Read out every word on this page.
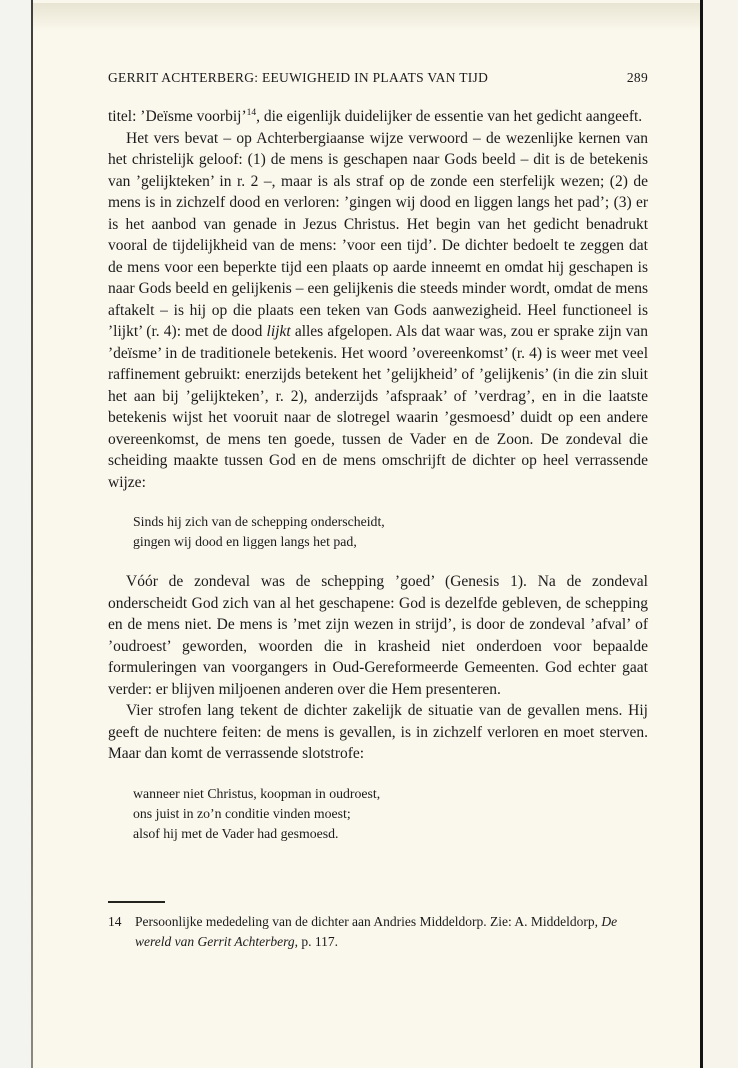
GERRIT ACHTERBERG: EEUWIGHEID IN PLAATS VAN TIJD	289

titel: ’Deïsme voorbij’$^{14}$, die eigenlijk duidelijker de essentie van het gedicht aangeeft.

Het vers bevat – op Achterbergiaanse wijze verwoord – de wezenlijke kernen van het christelijk geloof: (1) de mens is geschapen naar Gods beeld – dit is de betekenis van ’gelijkteken’ in r. 2 –, maar is als straf op de zonde een sterfelijk wezen; (2) de mens is in zichzelf dood en verloren: ’gingen wij dood en liggen langs het pad’; (3) er is het aanbod van genade in Jezus Christus. Het begin van het gedicht benadrukt vooral de tijdelijkheid van de mens: ’voor een tijd’. De dichter bedoelt te zeggen dat de mens voor een beperkte tijd een plaats op aarde inneemt en omdat hij geschapen is naar Gods beeld en gelijkenis – een gelijkenis die steeds minder wordt, omdat de mens aftakelt – is hij op die plaats een teken van Gods aanwezigheid. Heel functioneel is ’lijkt’ (r. 4): met de dood lijkt alles afgelopen. Als dat waar was, zou er sprake zijn van ’deïsme’ in de traditionele betekenis. Het woord ’overeenkomst’ (r. 4) is weer met veel raffinement gebruikt: enerzijds betekent het ’gelijkheid’ of ’gelijkenis’ (in die zin sluit het aan bij ’gelijkteken’, r. 2), anderzijds ’afspraak’ of ’verdrag’, en in die laatste betekenis wijst het vooruit naar de slotregel waarin ’gesmoesd’ duidt op een andere overeenkomst, de mens ten goede, tussen de Vader en de Zoon. De zondeval die scheiding maakte tussen God en de mens omschrijft de dichter op heel verrassende wijze:

Sinds hij zich van de schepping onderscheidt,
gingen wij dood en liggen langs het pad,

Vóór de zondeval was de schepping ’goed’ (Genesis 1). Na de zondeval onderscheidt God zich van al het geschapene: God is dezelfde gebleven, de schepping en de mens niet. De mens is ’met zijn wezen in strijd’, is door de zondeval ’afval’ of ’oudroest’ geworden, woorden die in krasheid niet onderdoen voor bepaalde formuleringen van voorgangers in Oud-Gereformeerde Gemeenten. God echter gaat verder: er blijven miljoenen anderen over die Hem presenteren.

Vier strofen lang tekent de dichter zakelijk de situatie van de gevallen mens. Hij geeft de nuchtere feiten: de mens is gevallen, is in zichzelf verloren en moet sterven. Maar dan komt de verrassende slotstrofe:

wanneer niet Christus, koopman in oudroest,
ons juist in zo’n conditie vinden moest;
alsof hij met de Vader had gesmoesd.
14 Persoonlijke mededeling van de dichter aan Andries Middeldorp. Zie: A. Middeldorp, De wereld van Gerrit Achterberg, p. 117.
